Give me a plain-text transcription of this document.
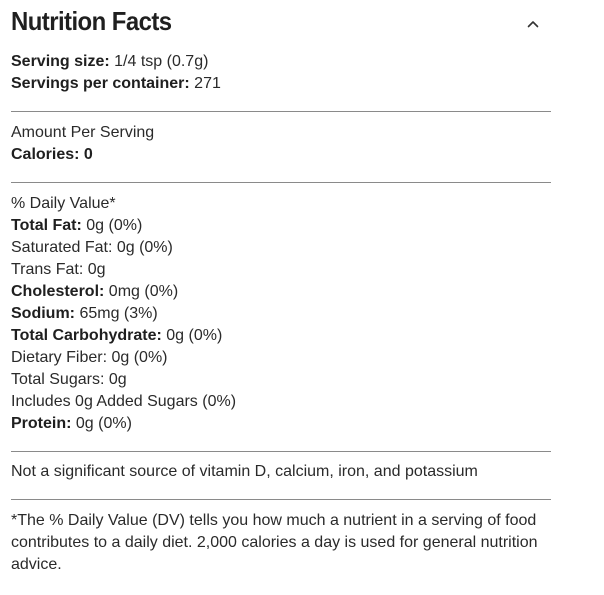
Nutrition Facts
Serving size: 1/4 tsp (0.7g)
Servings per container: 271
Amount Per Serving
Calories: 0
% Daily Value*
Total Fat: 0g (0%)
Saturated Fat: 0g (0%)
Trans Fat: 0g
Cholesterol: 0mg (0%)
Sodium: 65mg (3%)
Total Carbohydrate: 0g (0%)
Dietary Fiber: 0g (0%)
Total Sugars: 0g
Includes 0g Added Sugars (0%)
Protein: 0g (0%)
Not a significant source of vitamin D, calcium, iron, and potassium
*The % Daily Value (DV) tells you how much a nutrient in a serving of food contributes to a daily diet. 2,000 calories a day is used for general nutrition advice.
